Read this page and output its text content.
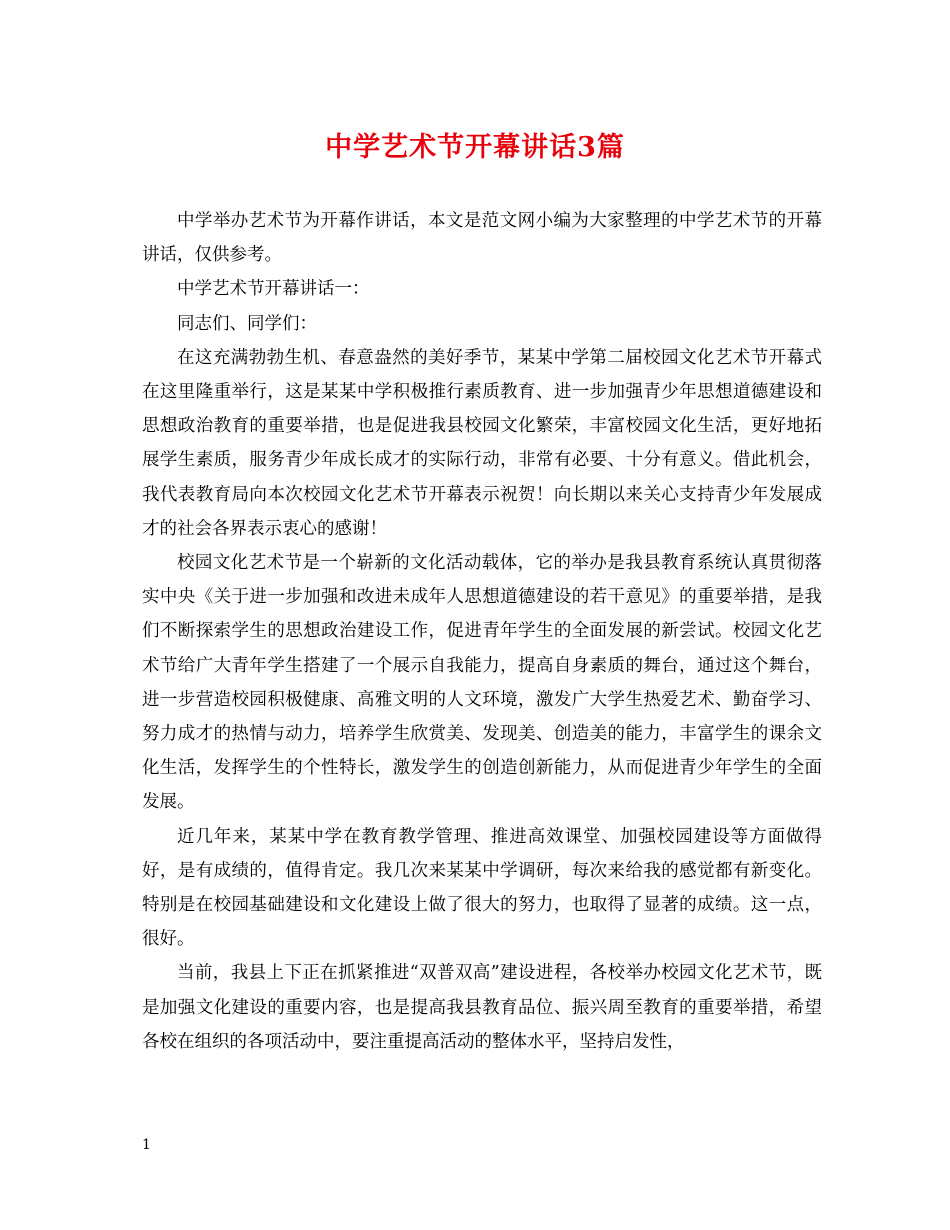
中学艺术节开幕讲话3篇

中学举办艺术节为开幕作讲话，本文是范文网小编为大家整理的中学艺术节的开幕讲话，仅供参考。

中学艺术节开幕讲话一：

同志们、同学们：

在这充满勃勃生机、春意盎然的美好季节，某某中学第二届校园文化艺术节开幕式在这里隆重举行，这是某某中学积极推行素质教育、进一步加强青少年思想道德建设和思想政治教育的重要举措，也是促进我县校园文化繁荣，丰富校园文化生活，更好地拓展学生素质，服务青少年成长成才的实际行动，非常有必要、十分有意义。借此机会，我代表教育局向本次校园文化艺术节开幕表示祝贺！向长期以来关心支持青少年发展成才的社会各界表示衷心的感谢！

校园文化艺术节是一个崭新的文化活动载体，它的举办是我县教育系统认真贯彻落实中央《关于进一步加强和改进未成年人思想道德建设的若干意见》的重要举措，是我们不断探索学生的思想政治建设工作，促进青年学生的全面发展的新尝试。校园文化艺术节给广大青年学生搭建了一个展示自我能力，提高自身素质的舞台，通过这个舞台，进一步营造校园积极健康、高雅文明的人文环境，激发广大学生热爱艺术、勤奋学习、努力成才的热情与动力，培养学生欣赏美、发现美、创造美的能力，丰富学生的课余文化生活，发挥学生的个性特长，激发学生的创造创新能力，从而促进青少年学生的全面发展。

近几年来，某某中学在教育教学管理、推进高效课堂、加强校园建设等方面做得好，是有成绩的，值得肯定。我几次来某某中学调研，每次来给我的感觉都有新变化。特别是在校园基础建设和文化建设上做了很大的努力，也取得了显著的成绩。这一点，很好。

当前，我县上下正在抓紧推进“双普双高”建设进程，各校举办校园文化艺术节，既是加强文化建设的重要内容，也是提高我县教育品位、振兴周至教育的重要举措，希望各校在组织的各项活动中，要注重提高活动的整体水平，坚持启发性，

1
